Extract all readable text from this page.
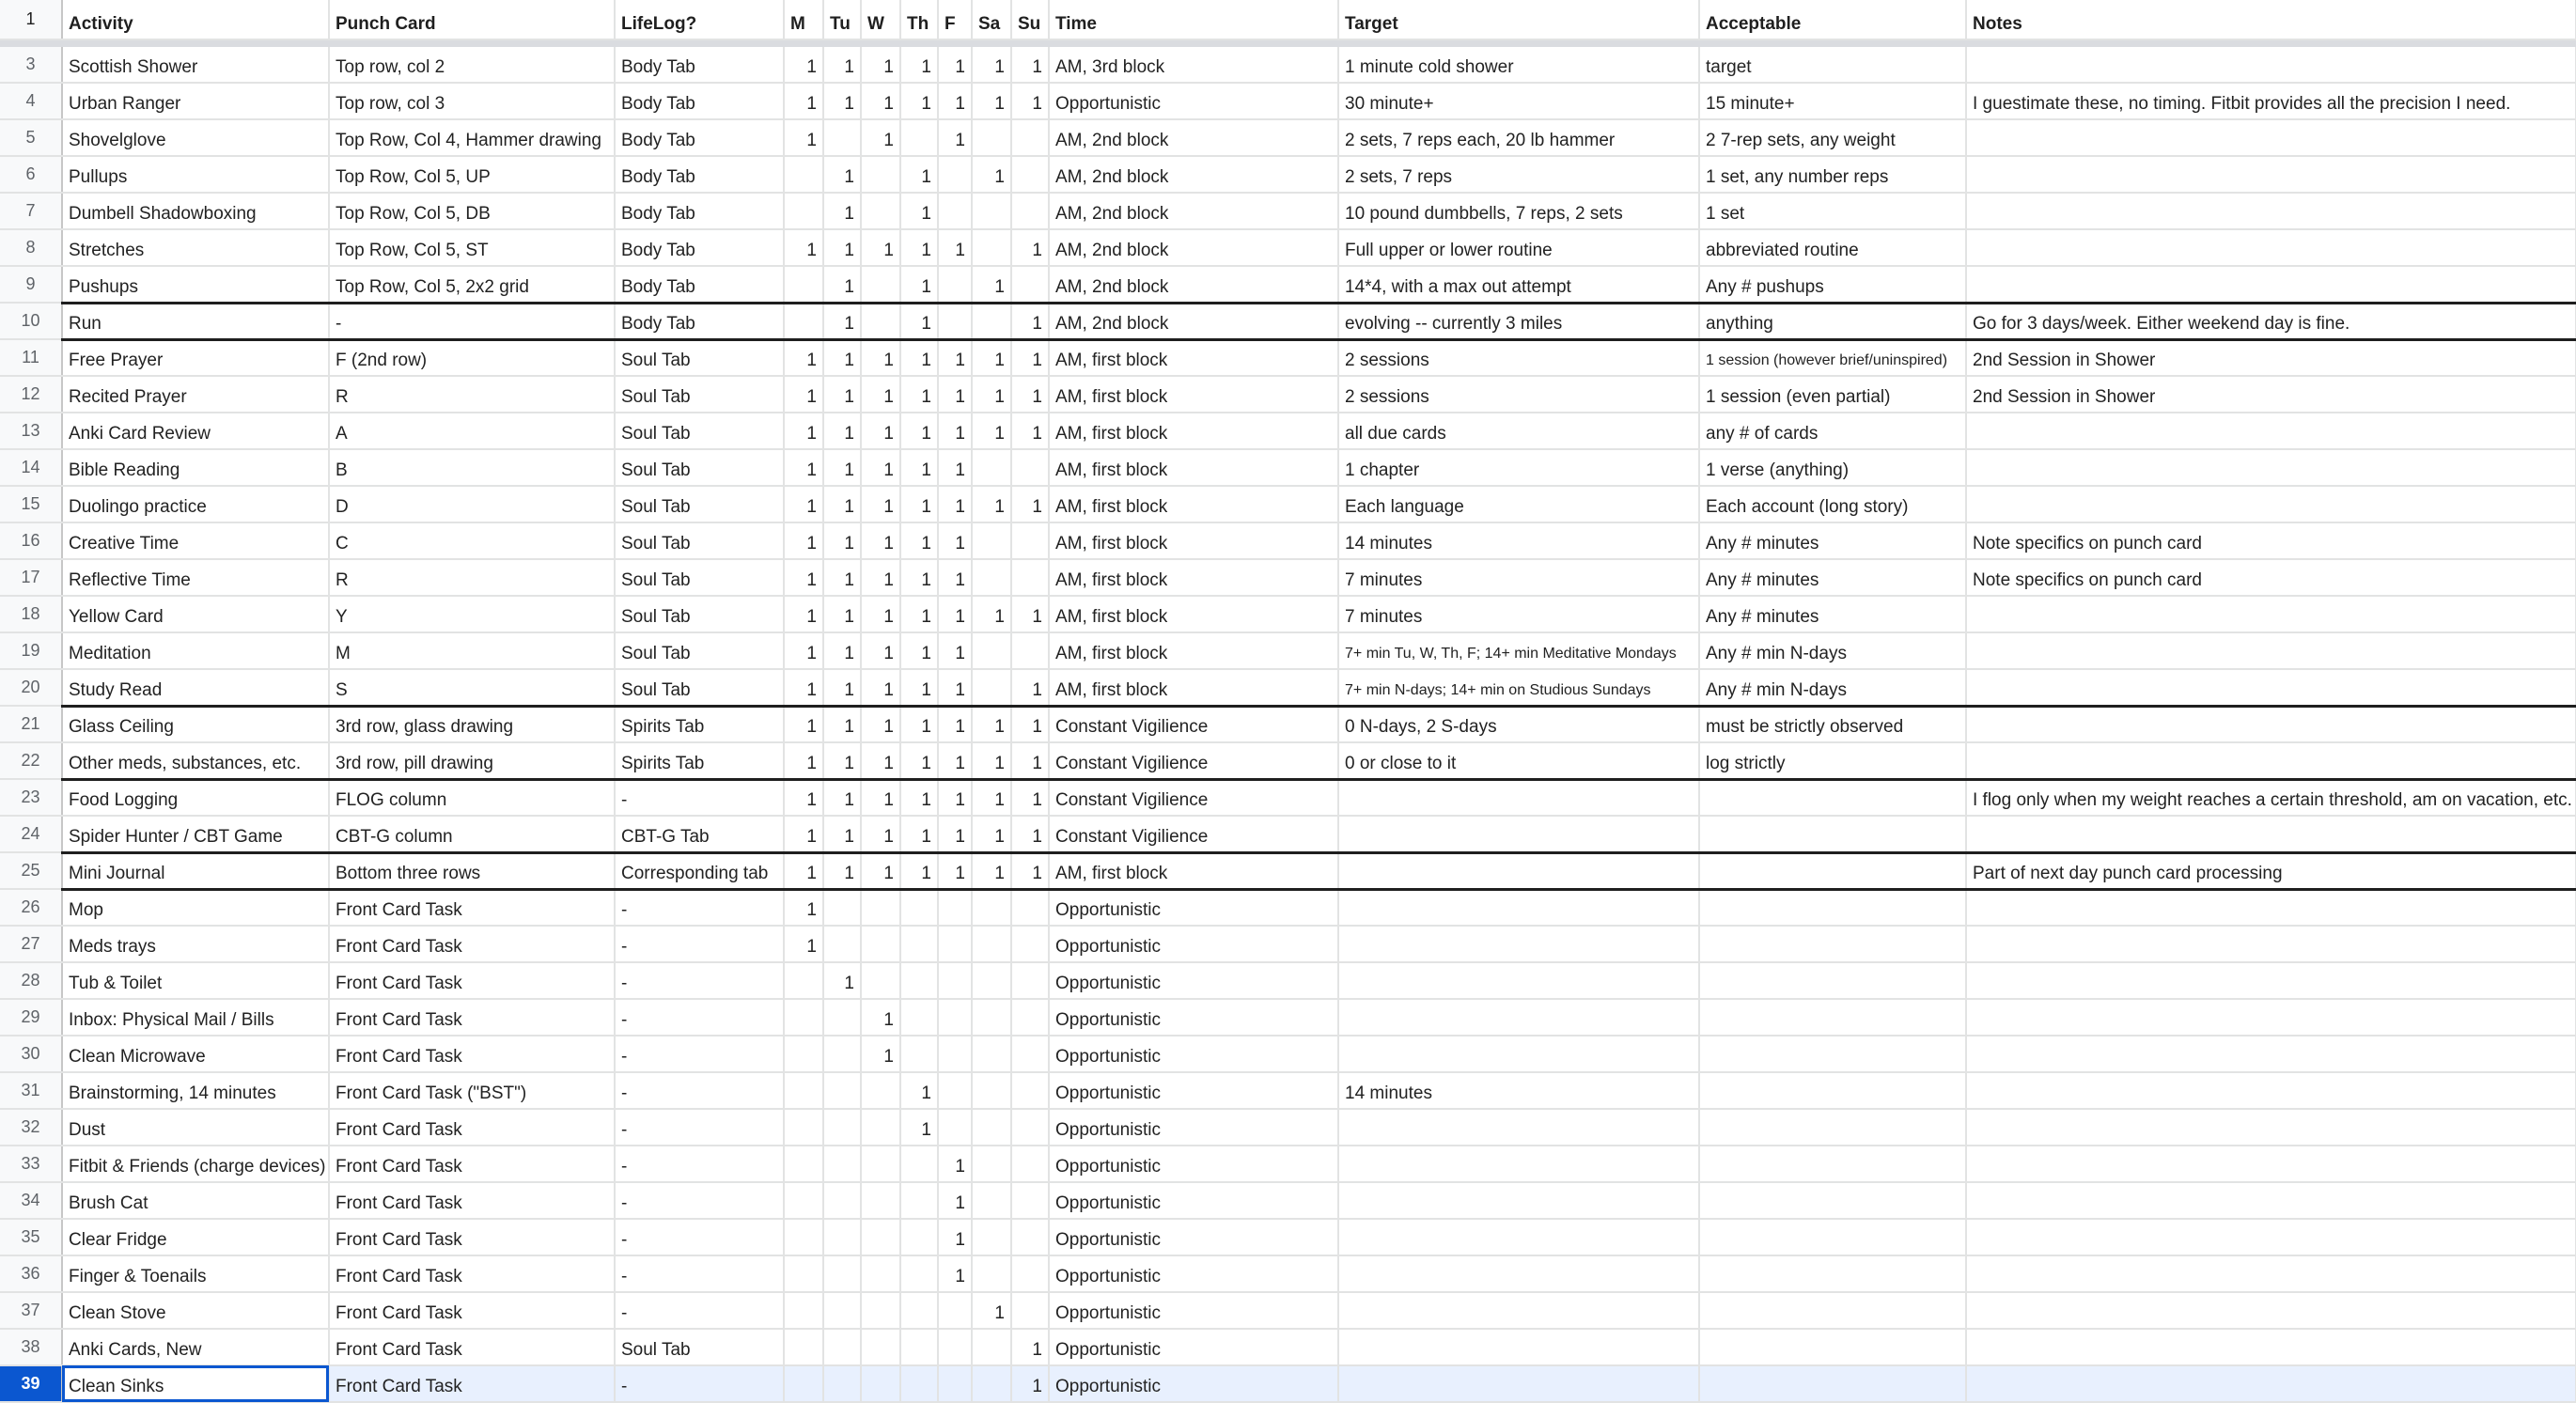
1	Activity	Punch Card	LifeLog?	M	Tu	W	Th	F	Sa	Su	Time	Target	Acceptable	Notes

3	Scottish Shower	Top row, col 2	Body Tab	1	1	1	1	1	1	1	AM, 3rd block	1 minute cold shower	target	
4	Urban Ranger	Top row, col 3	Body Tab	1	1	1	1	1	1	1	Opportunistic	30 minute+	15 minute+	I guestimate these, no timing. Fitbit provides all the precision I need.
5	Shovelglove	Top Row, Col 4, Hammer drawing	Body Tab	1		1		1			AM, 2nd block	2 sets, 7 reps each, 20 lb hammer	2 7-rep sets, any weight	
6	Pullups	Top Row, Col 5, UP	Body Tab		1		1		1		AM, 2nd block	2 sets, 7 reps	1 set, any number reps	
7	Dumbell Shadowboxing	Top Row, Col 5, DB	Body Tab		1		1				AM, 2nd block	10 pound dumbbells, 7 reps, 2 sets	1 set	
8	Stretches	Top Row, Col 5, ST	Body Tab	1	1	1	1	1		1	AM, 2nd block	Full upper or lower routine	abbreviated routine	
9	Pushups	Top Row, Col 5, 2x2 grid	Body Tab		1		1		1		AM, 2nd block	14*4, with a max out attempt	Any # pushups	
10	Run	-	Body Tab		1		1			1	AM, 2nd block	evolving -- currently 3 miles	anything	Go for 3 days/week. Either weekend day is fine.
11	Free Prayer	F (2nd row)	Soul Tab	1	1	1	1	1	1	1	AM, first block	2 sessions	1 session (however brief/uninspired)	2nd Session in Shower
12	Recited Prayer	R	Soul Tab	1	1	1	1	1	1	1	AM, first block	2 sessions	1 session (even partial)	2nd Session in Shower
13	Anki Card Review	A	Soul Tab	1	1	1	1	1	1	1	AM, first block	all due cards	any # of cards	
14	Bible Reading	B	Soul Tab	1	1	1	1	1			AM, first block	1 chapter	1 verse (anything)	
15	Duolingo practice	D	Soul Tab	1	1	1	1	1	1	1	AM, first block	Each language	Each account (long story)	
16	Creative Time	C	Soul Tab	1	1	1	1	1			AM, first block	14 minutes	Any # minutes	Note specifics on punch card
17	Reflective Time	R	Soul Tab	1	1	1	1	1			AM, first block	7 minutes	Any # minutes	Note specifics on punch card
18	Yellow Card	Y	Soul Tab	1	1	1	1	1	1	1	AM, first block	7 minutes	Any # minutes	
19	Meditation	M	Soul Tab	1	1	1	1	1			AM, first block	7+ min Tu, W, Th, F; 14+ min Meditative Mondays	Any # min N-days	
20	Study Read	S	Soul Tab	1	1	1	1	1		1	AM, first block	7+ min N-days; 14+ min on Studious Sundays	Any # min N-days	
21	Glass Ceiling	3rd row, glass drawing	Spirits Tab	1	1	1	1	1	1	1	Constant Vigilience	0 N-days, 2 S-days	must be strictly observed	
22	Other meds, substances, etc.	3rd row, pill drawing	Spirits Tab	1	1	1	1	1	1	1	Constant Vigilience	0 or close to it	log strictly	
23	Food Logging	FLOG column	-	1	1	1	1	1	1	1	Constant Vigilience			I flog only when my weight reaches a certain threshold, am on vacation, etc.
24	Spider Hunter / CBT Game	CBT-G column	CBT-G Tab	1	1	1	1	1	1	1	Constant Vigilience			
25	Mini Journal	Bottom three rows	Corresponding tab	1	1	1	1	1	1	1	AM, first block			Part of next day punch card processing
26	Mop	Front Card Task	-	1							Opportunistic			
27	Meds trays	Front Card Task	-	1							Opportunistic			
28	Tub & Toilet	Front Card Task	-		1						Opportunistic			
29	Inbox: Physical Mail / Bills	Front Card Task	-			1					Opportunistic			
30	Clean Microwave	Front Card Task	-			1					Opportunistic			
31	Brainstorming, 14 minutes	Front Card Task ("BST")	-				1				Opportunistic	14 minutes		
32	Dust	Front Card Task	-				1				Opportunistic			
33	Fitbit & Friends (charge devices)	Front Card Task	-					1			Opportunistic			
34	Brush Cat	Front Card Task	-					1			Opportunistic			
35	Clear Fridge	Front Card Task	-					1			Opportunistic			
36	Finger & Toenails	Front Card Task	-					1			Opportunistic			
37	Clean Stove	Front Card Task	-						1		Opportunistic			
38	Anki Cards, New	Front Card Task	Soul Tab							1	Opportunistic			
39	Clean Sinks	Front Card Task	-							1	Opportunistic			
